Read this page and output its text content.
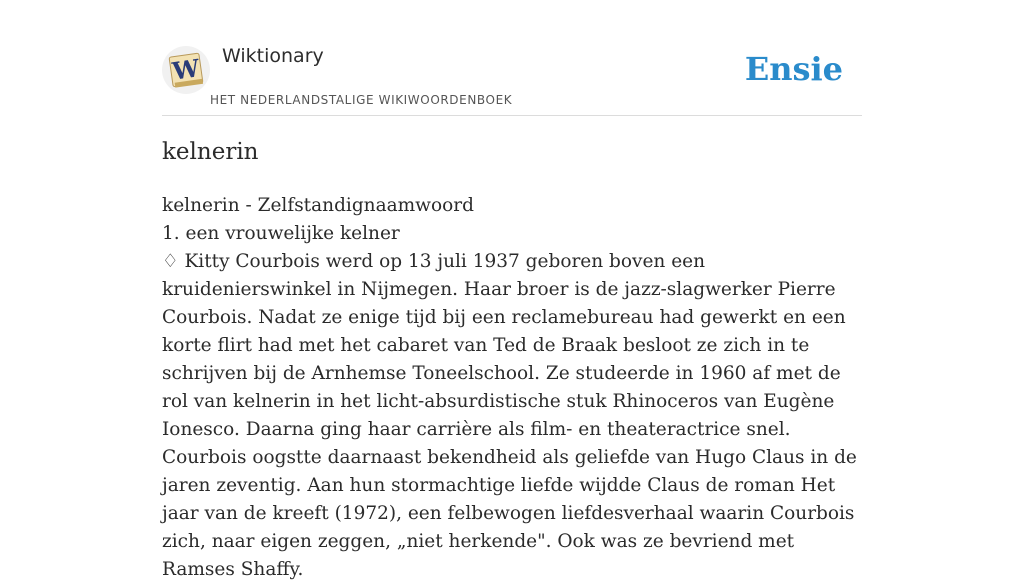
W Wiktionary
HET NEDERLANDSTALIGE WIKIWOORDENBOEK
Ensie
kelnerin

kelnerin - Zelfstandignaamwoord

1. een vrouwelijke kelner

♢ Kitty Courbois werd op 13 juli 1937 geboren boven een kruidenierswinkel in Nijmegen. Haar broer is de jazz-slagwerker Pierre Courbois. Nadat ze enige tijd bij een reclamebureau had gewerkt en een korte flirt had met het cabaret van Ted de Braak besloot ze zich in te schrijven bij de Arnhemse Toneelschool. Ze studeerde in 1960 af met de rol van kelnerin in het licht-absurdistische stuk Rhinoceros van Eugène Ionesco. Daarna ging haar carrière als film- en theateractrice snel. Courbois oogstte daarnaast bekendheid als geliefde van Hugo Claus in de jaren zeventig. Aan hun stormachtige liefde wijdde Claus de roman Het jaar van de kreeft (1972), een felbewogen liefdesverhaal waarin Courbois zich, naar eigen zeggen, „niet herkende". Ook was ze bevriend met Ramses Shaffy.
